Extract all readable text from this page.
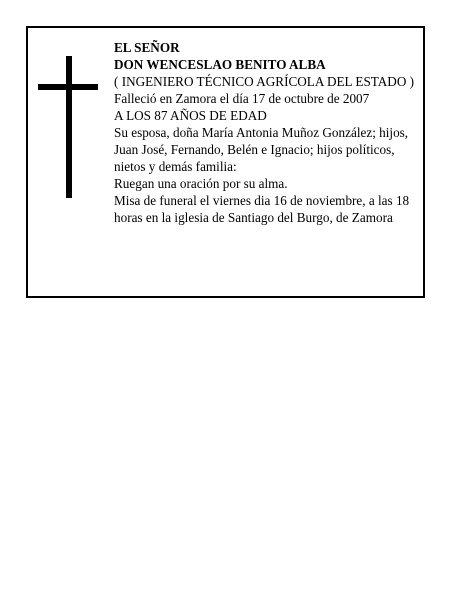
EL SEÑOR
DON WENCESLAO BENITO ALBA
( INGENIERO TÉCNICO AGRÍCOLA DEL ESTADO )
Falleció en Zamora el día 17 de octubre de 2007
A LOS 87 AÑOS DE EDAD
Su esposa, doña María Antonia Muñoz González; hijos, Juan José, Fernando, Belén e Ignacio; hijos políticos, nietos y demás familia:
Ruegan una oración por su alma.
Misa de funeral el viernes dia 16 de noviembre, a las 18 horas en la iglesia de Santiago del Burgo, de Zamora
